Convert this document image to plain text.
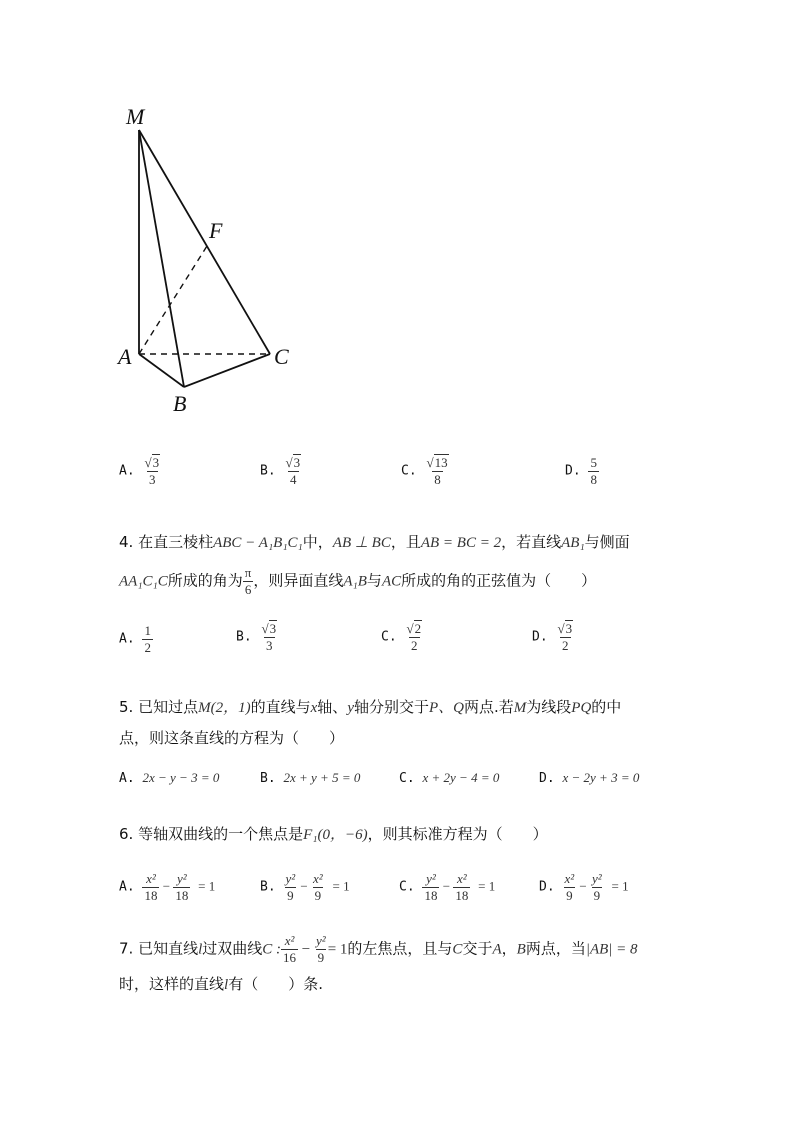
M
F
A	C
B
A. √ $\frac{3}{3}$	B. √ $\frac{3}{4}$	C. √ $\frac{13}{8}$	D. $\frac{5}{8}$
4. 在直三棱柱ABC − A₁B₁C₁中，AB ⊥ BC，且AB = BC = 2，若直线AB₁与侧面
AA₁C₁C所成的角为 $\frac{\pi}{6}$ ，则异面直线A₁B与AC所成的角的正弦值为（　　）
A. $\frac{1}{2}$	B. √ $\frac{3}{3}$	C. √ $\frac{2}{2}$	D. √ $\frac{3}{2}$
5. 已知过点M(2，1)的直线与x轴、y轴分别交于P、Q两点.若M为线段PQ的中
点，则这条直线的方程为（　　）
A. 2x − y − 3 = 0	B. 2x + y + 5 = 0	C. x + 2y − 4 = 0	D. x − 2y + 3 = 0
6. 等轴双曲线的一个焦点是F₁(0，−6)，则其标准方程为（　　）
A. $\frac{\text{x²}}{18} - \frac{\text{y²}}{18} = 1$	B. $\frac{\text{y²}}{9} - \frac{\text{x²}}{9} = 1$	C. $\frac{\text{y²}}{18} - \frac{\text{x²}}{18} = 1$	D. $\frac{\text{x²}}{9} - \frac{\text{y²}}{9} = 1$
7. 已知直线l过双曲线C : $\frac{\text{x²}}{16} - \frac{\text{y²}}{9} = 1$的左焦点，且与C交于A，B两点，当|AB| = 8
时，这样的直线l有（　　）条.
